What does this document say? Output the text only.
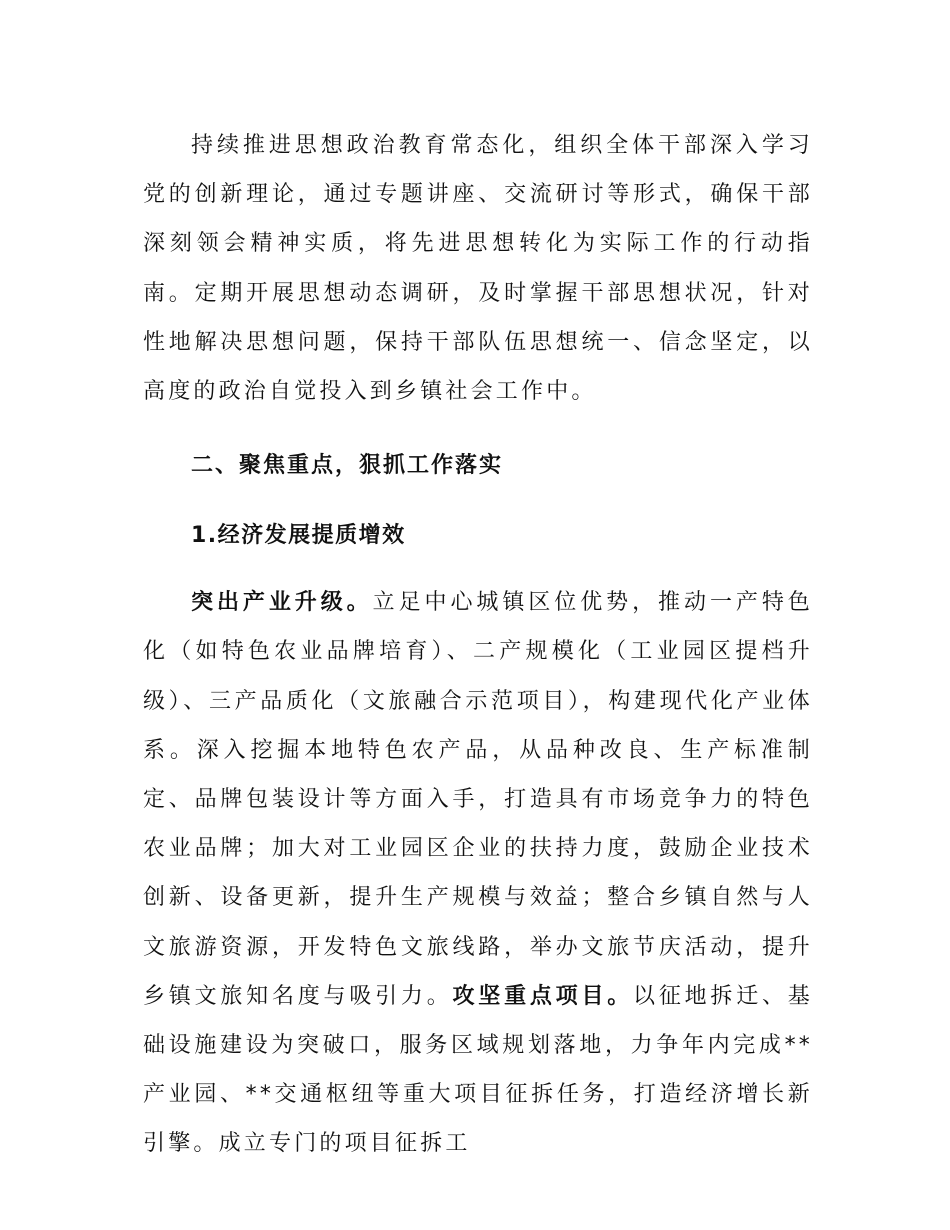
持续推进思想政治教育常态化，组织全体干部深入学习党的创新理论，通过专题讲座、交流研讨等形式，确保干部深刻领会精神实质，将先进思想转化为实际工作的行动指南。定期开展思想动态调研，及时掌握干部思想状况，针对性地解决思想问题，保持干部队伍思想统一、信念坚定，以高度的政治自觉投入到乡镇社会工作中。

二、聚焦重点，狠抓工作落实
1.经济发展提质增效

突出产业升级。立足中心城镇区位优势，推动一产特色化（如特色农业品牌培育）、二产规模化（工业园区提档升级）、三产品质化（文旅融合示范项目），构建现代化产业体系。深入挖掘本地特色农产品，从品种改良、生产标准制定、品牌包装设计等方面入手，打造具有市场竞争力的特色农业品牌；加大对工业园区企业的扶持力度，鼓励企业技术创新、设备更新，提升生产规模与效益；整合乡镇自然与人文旅游资源，开发特色文旅线路，举办文旅节庆活动，提升乡镇文旅知名度与吸引力。攻坚重点项目。以征地拆迁、基础设施建设为突破口，服务区域规划落地，力争年内完成**产业园、**交通枢纽等重大项目征拆任务，打造经济增长新引擎。成立专门的项目征拆工
